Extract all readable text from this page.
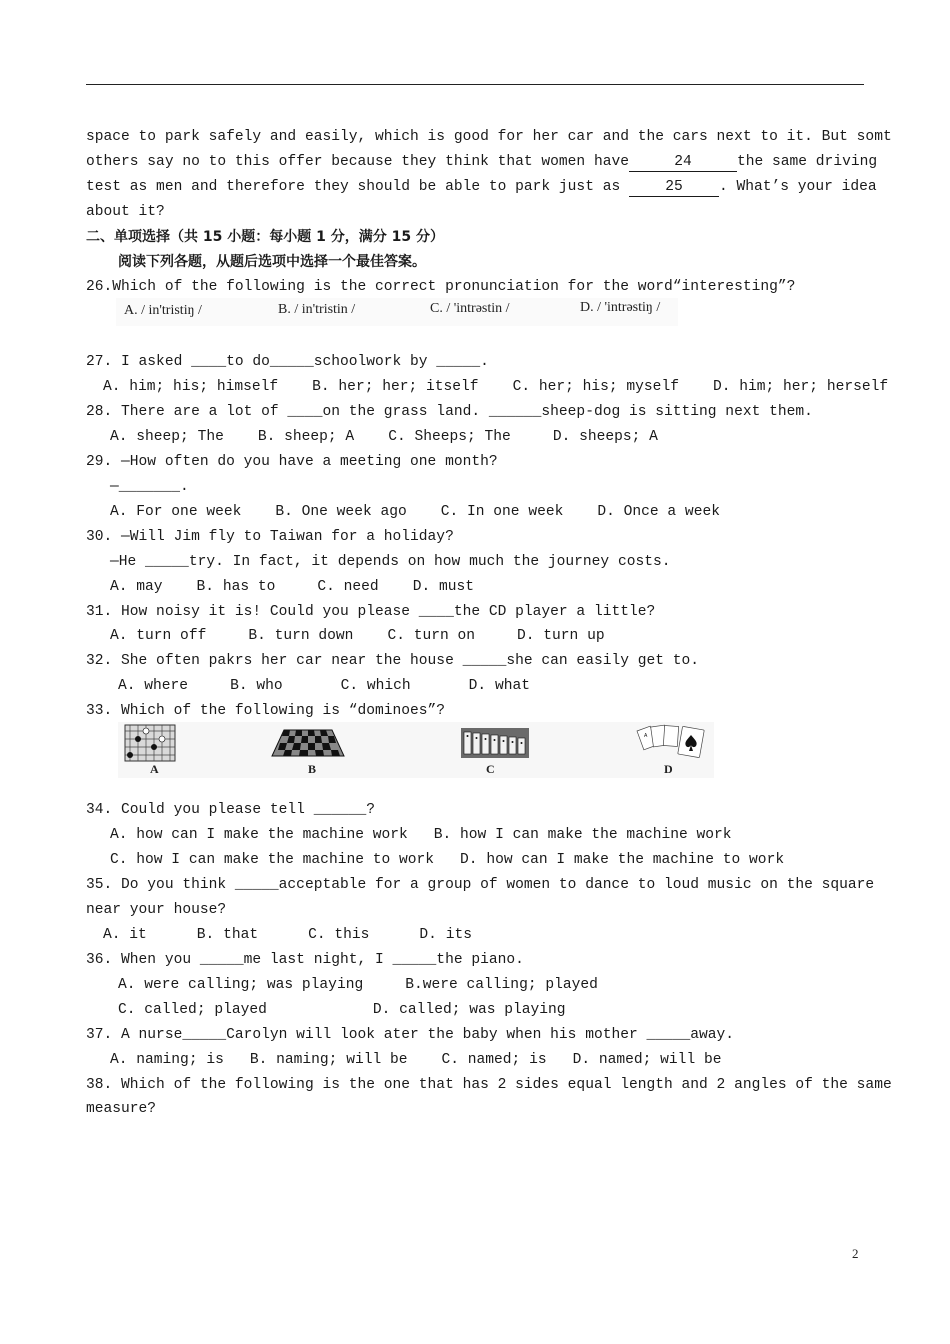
space to park safely and easily, which is good for her car and the cars next to it. But somt
others say no to this offer because they think that women have	24	the same driving
test as men and therefore they should be able to park just as 25 . What’s your idea
about it?
二、单项选择（共 15 小题：每小题 1 分，满分 15 分）
阅读下列各题，从题后选项中选择一个最佳答案。
26.Which of the following is the correct pronunciation for the word“interesting”?
A. / in'tristiŋ /	B. / in'tristin /	C. / 'intrəstin /	D. / 'intrəstiŋ /
27. I asked ____to do_____schoolwork by _____.
A. him; his; himself B. her; her; itself C. her; his; myself D. him; her; herself
28. There are a lot of ____on the grass land. ______sheep-dog is sitting next them.
A. sheep; The B. sheep; A C. Sheeps; The	D. sheeps; A
29. —How often do you have a meeting one month?
—_______.
A. For one week B. One week ago C. In one week D. Once a week
30. —Will Jim fly to Taiwan for a holiday?
—He _____try. In fact, it depends on how much the journey costs.
A. may B. has to	C. need D. must
31. How noisy it is! Could you please ____the CD player a little?
A. turn off	B. turn down C. turn on	D. turn up
32. She often pakrs her car near the house _____she can easily get to.
A. where	B. who	C. which	D. what
33. Which of the following is “dominoes”?
A	B	C
A
D
34. Could you please tell ______?
A. how can I make the machine work B. how I can make the machine work
C. how I can make the machine to work D. how can I make the machine to work
35. Do you think _____acceptable for a group of women to dance to loud music on the square
near your house?
A. it	B. that	C. this	D. its
36. When you _____me last night, I _____the piano.
A. were calling; was playing	B.were calling; played
C. called; played	D. called; was playing
37. A nurse_____Carolyn will look ater the baby when his mother _____away.
A. naming; is B. naming; will be C. named; is D. named; will be
38. Which of the following is the one that has 2 sides equal length and 2 angles of the same
measure?
2
